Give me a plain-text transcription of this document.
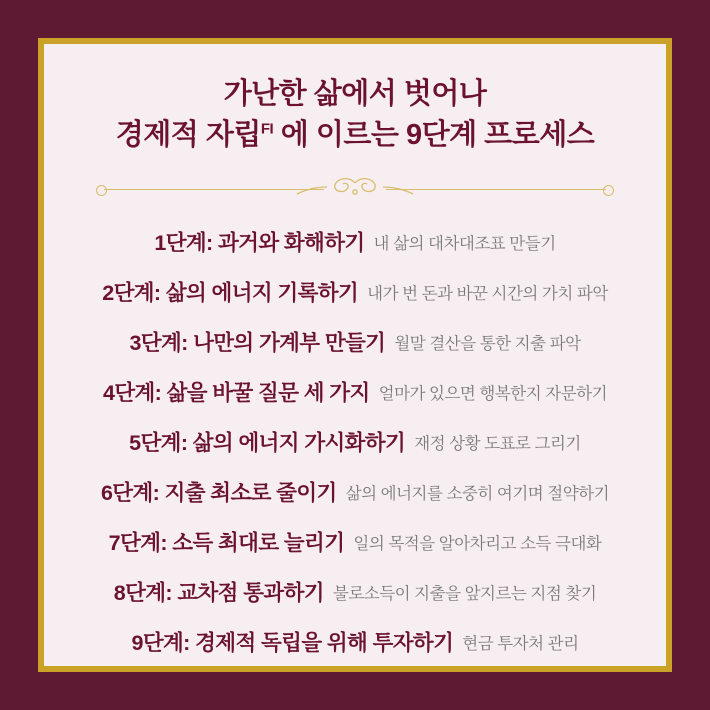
가난한 삶에서 벗어나
경제적 자립$^{FI}$ 에 이르는 9단계 프로세스
1단계: 과거와 화해하기 내 삶의 대차대조표 만들기
2단계: 삶의 에너지 기록하기 내가 번 돈과 바꾼 시간의 가치 파악
3단계: 나만의 가계부 만들기 월말 결산을 통한 지출 파악
4단계: 삶을 바꿀 질문 세 가지 얼마가 있으면 행복한지 자문하기
5단계: 삶의 에너지 가시화하기 재정 상황 도표로 그리기
6단계: 지출 최소로 줄이기 삶의 에너지를 소중히 여기며 절약하기
7단계: 소득 최대로 늘리기 일의 목적을 알아차리고 소득 극대화
8단계: 교차점 통과하기 불로소득이 지출을 앞지르는 지점 찾기
9단계: 경제적 독립을 위해 투자하기 현금 투자처 관리
